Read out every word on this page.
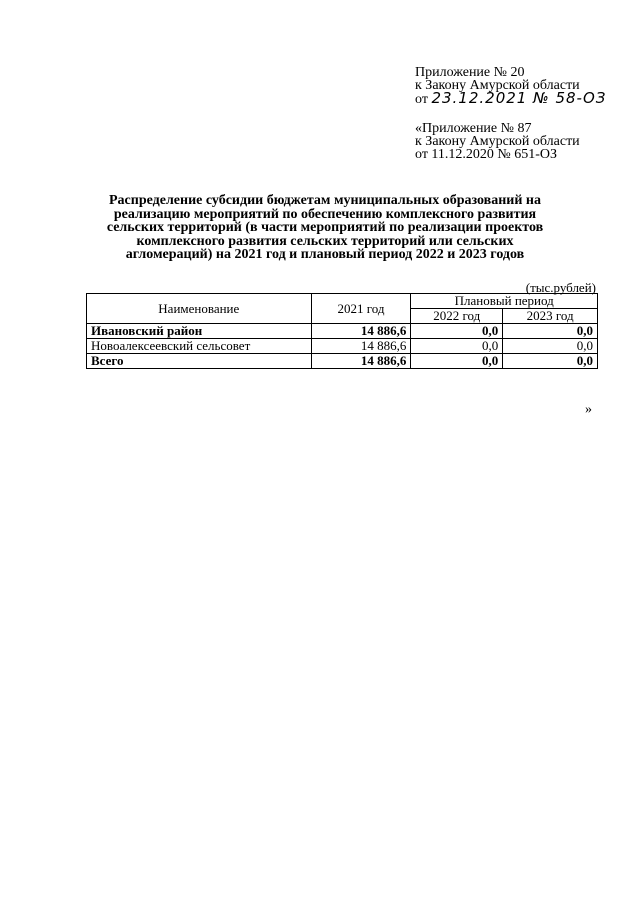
Приложение № 20
к Закону Амурской области
от 23.12.2021 № 58-ОЗ
«Приложение № 87
к Закону Амурской области
от 11.12.2020 № 651-ОЗ
Распределение субсидии бюджетам муниципальных образований на реализацию мероприятий по обеспечению комплексного развития сельских территорий (в части мероприятий по реализации проектов комплексного развития сельских территорий или сельских агломераций) на 2021 год и плановый период 2022 и 2023 годов
(тыс.рублей)
Наименование	2021 год	Плановый период	
		2022 год	2023 год
Ивановский район	14 886,6	0,0	0,0
Новоалексеевский сельсовет	14 886,6	0,0	0,0
Всего	14 886,6	0,0	0,0
»
